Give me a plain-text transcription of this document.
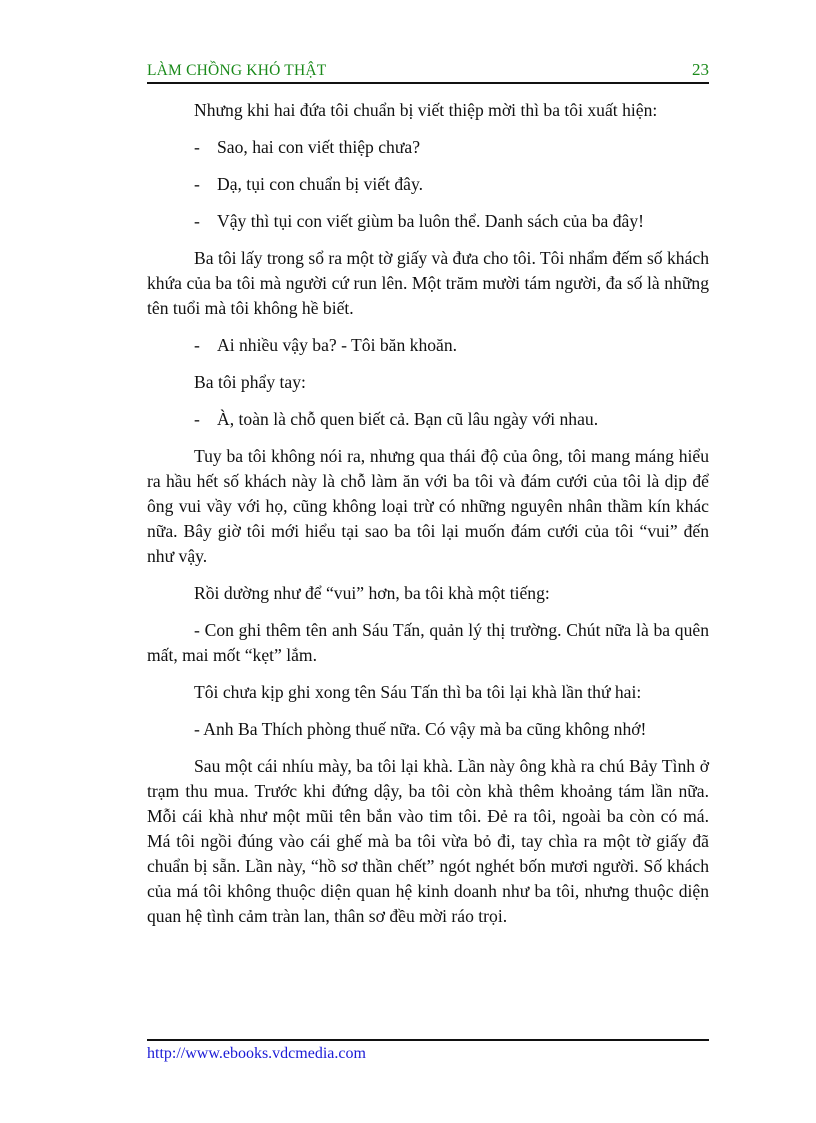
LÀM CHỒNG KHÓ THẬT	23

Nhưng khi hai đứa tôi chuẩn bị viết thiệp mời thì ba tôi xuất hiện:

- Sao, hai con viết thiệp chưa?

- Dạ, tụi con chuẩn bị viết đây.

- Vậy thì tụi con viết giùm ba luôn thể. Danh sách của ba đây!

Ba tôi lấy trong sổ ra một tờ giấy và đưa cho tôi. Tôi nhẩm đếm số khách khứa của ba tôi mà người cứ run lên. Một trăm mười tám người, đa số là những tên tuổi mà tôi không hề biết.

- Ai nhiều vậy ba? - Tôi băn khoăn.

Ba tôi phẩy tay:

- À, toàn là chỗ quen biết cả. Bạn cũ lâu ngày với nhau.

Tuy ba tôi không nói ra, nhưng qua thái độ của ông, tôi mang máng hiểu ra hầu hết số khách này là chỗ làm ăn với ba tôi và đám cưới của tôi là dịp để ông vui vầy với họ, cũng không loại trừ có những nguyên nhân thầm kín khác nữa. Bây giờ tôi mới hiểu tại sao ba tôi lại muốn đám cưới của tôi “vui” đến như vậy.

Rồi dường như để “vui” hơn, ba tôi khà một tiếng:

- Con ghi thêm tên anh Sáu Tấn, quản lý thị trường. Chút nữa là ba quên mất, mai mốt “kẹt” lắm.

Tôi chưa kịp ghi xong tên Sáu Tấn thì ba tôi lại khà lần thứ hai:

- Anh Ba Thích phòng thuế nữa. Có vậy mà ba cũng không nhớ!

Sau một cái nhíu mày, ba tôi lại khà. Lần này ông khà ra chú Bảy Tình ở trạm thu mua. Trước khi đứng dậy, ba tôi còn khà thêm khoảng tám lần nữa. Mỗi cái khà như một mũi tên bắn vào tim tôi. Đẻ ra tôi, ngoài ba còn có má. Má tôi ngồi đúng vào cái ghế mà ba tôi vừa bỏ đi, tay chìa ra một tờ giấy đã chuẩn bị sẵn. Lần này, “hồ sơ thần chết” ngót nghét bốn mươi người. Số khách của má tôi không thuộc diện quan hệ kinh doanh như ba tôi, nhưng thuộc diện quan hệ tình cảm tràn lan, thân sơ đều mời ráo trọi.

http://www.ebooks.vdcmedia.com
